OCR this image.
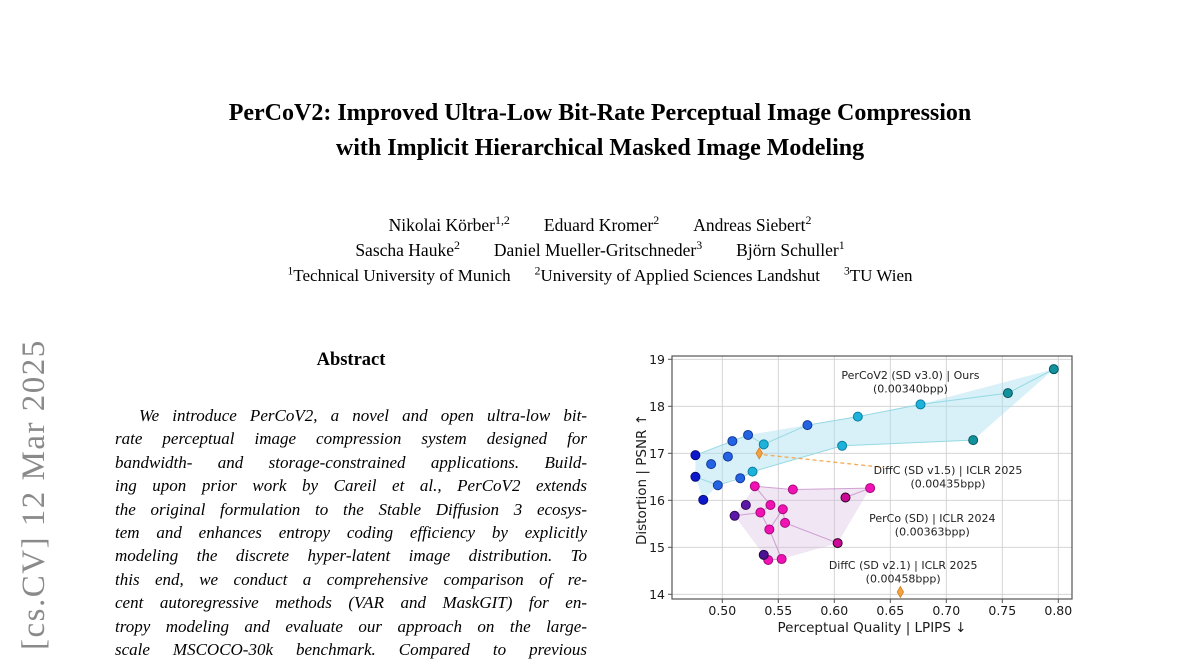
[cs.CV] 12 Mar 2025
PerCoV2: Improved Ultra-Low Bit-Rate Perceptual Image Compression
with Implicit Hierarchical Masked Image Modeling
Nikolai Körber$^{1,2}$ Eduard Kromer$^2$ Andreas Siebert$^2$
Sascha Hauke$^2$ Daniel Mueller-Gritschneder$^3$ Björn Schuller$^1$
$^1$Technical University of Munich $^2$University of Applied Sciences Landshut $^3$TU Wien
Abstract
We introduce PerCoV2, a novel and open ultra-low bit-
rate perceptual image compression system designed for
bandwidth- and storage-constrained applications. Build-
ing upon prior work by Careil et al., PerCoV2 extends
the original formulation to the Stable Diffusion 3 ecosys-
tem and enhances entropy coding efficiency by explicitly
modeling the discrete hyper-latent image distribution. To
this end, we conduct a comprehensive comparison of re-
cent autoregressive methods (VAR and MaskGIT) for en-
tropy modeling and evaluate our approach on the large-
scale MSCOCO-30k benchmark. Compared to previous
0.50 0.55 0.60 0.65 0.70 0.75 0.80
14
15
16
17
18
19
Perceptual Quality | LPIPS ↓
Distortion | PSNR ↑
PerCoV2 (SD v3.0) | Ours (0.00340bpp)
DiffC (SD v1.5) | ICLR 2025 (0.00435bpp)
PerCo (SD) | ICLR 2024 (0.00363bpp)
DiffC (SD v2.1) | ICLR 2025 (0.00458bpp)
